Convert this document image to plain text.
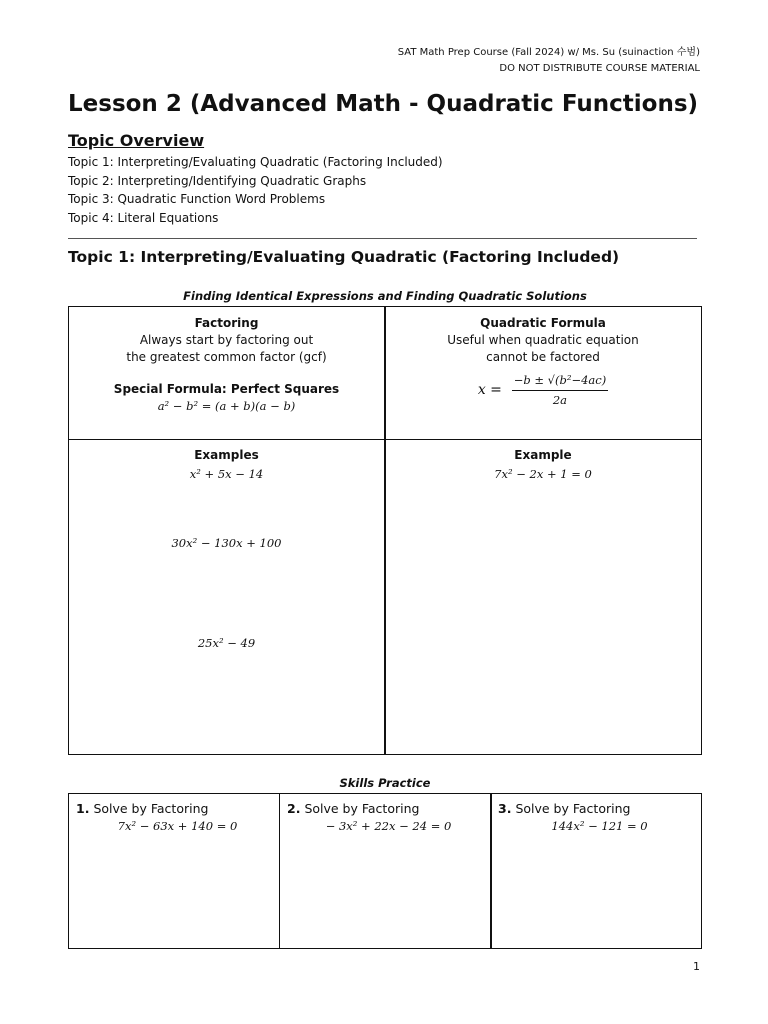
SAT Math Prep Course (Fall 2024) w/ Ms. Su (suinaction 수범)
DO NOT DISTRIBUTE COURSE MATERIAL
Lesson 2 (Advanced Math - Quadratic Functions)
Topic Overview
Topic 1: Interpreting/Evaluating Quadratic (Factoring Included)
Topic 2: Interpreting/Identifying Quadratic Graphs
Topic 3: Quadratic Function Word Problems
Topic 4: Literal Equations
Topic 1: Interpreting/Evaluating Quadratic (Factoring Included)
Finding Identical Expressions and Finding Quadratic Solutions
Factoring
Always start by factoring out
the greatest common factor (gcf)
Special Formula: Perfect Squares
a² − b² = (a + b)(a − b)
Quadratic Formula
Useful when quadratic equation
cannot be factored
$x = \frac{\text{−b ± √(b²−4ac)}}{2a}$
Examples
x² + 5x − 14
30x² − 130x + 100
25x² − 49
Example
7x² − 2x + 1 = 0
Skills Practice
1. Solve by Factoring
7x² − 63x + 140 = 0
2. Solve by Factoring
− 3x² + 22x − 24 = 0
3. Solve by Factoring
144x² − 121 = 0
1
